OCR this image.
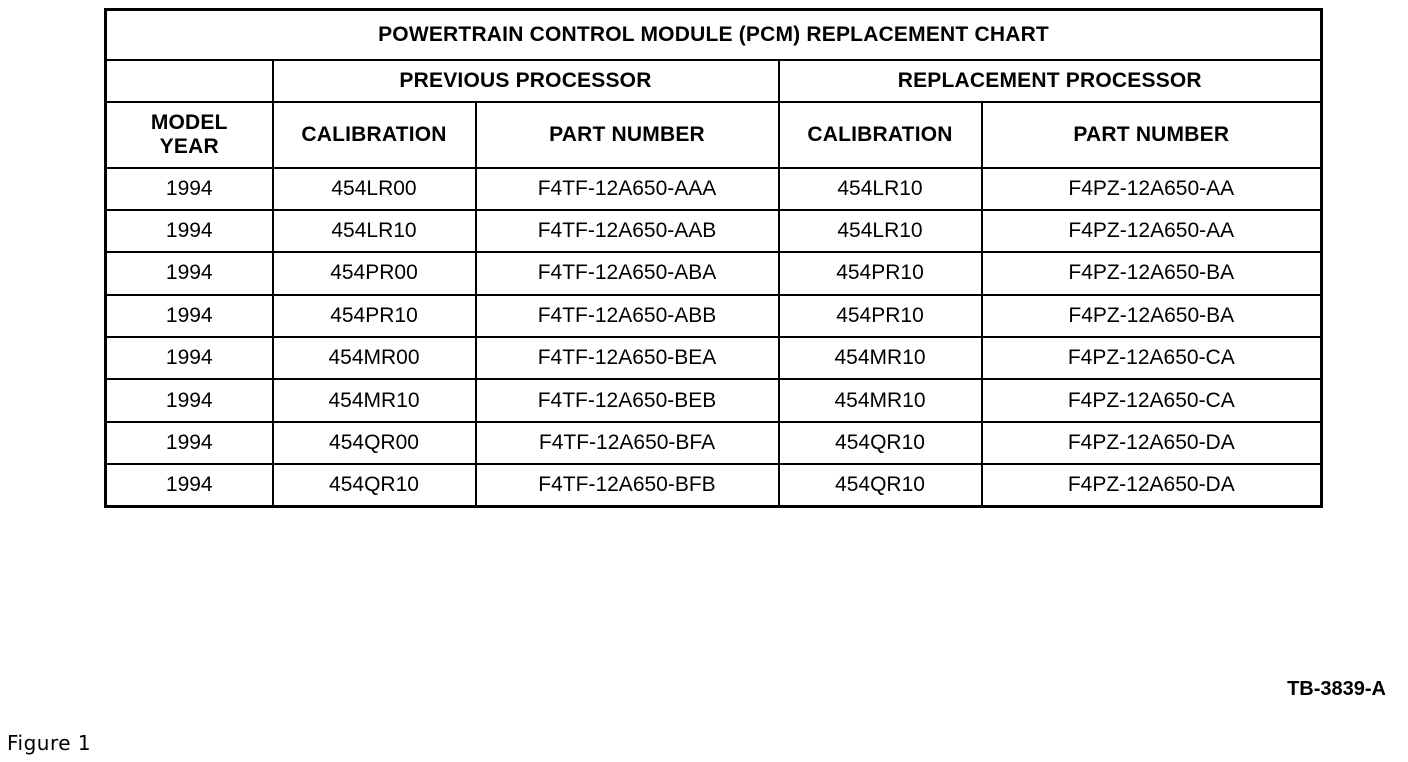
POWERTRAIN CONTROL MODULE (PCM) REPLACEMENT CHART				
	PREVIOUS PROCESSOR		REPLACEMENT PROCESSOR	

MODEL
YEAR	CALIBRATION	PART NUMBER	CALIBRATION	PART NUMBER
1994	454LR00	F4TF-12A650-AAA	454LR10	F4PZ-12A650-AA
1994	454LR10	F4TF-12A650-AAB	454LR10	F4PZ-12A650-AA
1994	454PR00	F4TF-12A650-ABA	454PR10	F4PZ-12A650-BA
1994	454PR10	F4TF-12A650-ABB	454PR10	F4PZ-12A650-BA
1994	454MR00	F4TF-12A650-BEA	454MR10	F4PZ-12A650-CA
1994	454MR10	F4TF-12A650-BEB	454MR10	F4PZ-12A650-CA
1994	454QR00	F4TF-12A650-BFA	454QR10	F4PZ-12A650-DA
1994	454QR10	F4TF-12A650-BFB	454QR10	F4PZ-12A650-DA
TB-3839-A
Figure 1
